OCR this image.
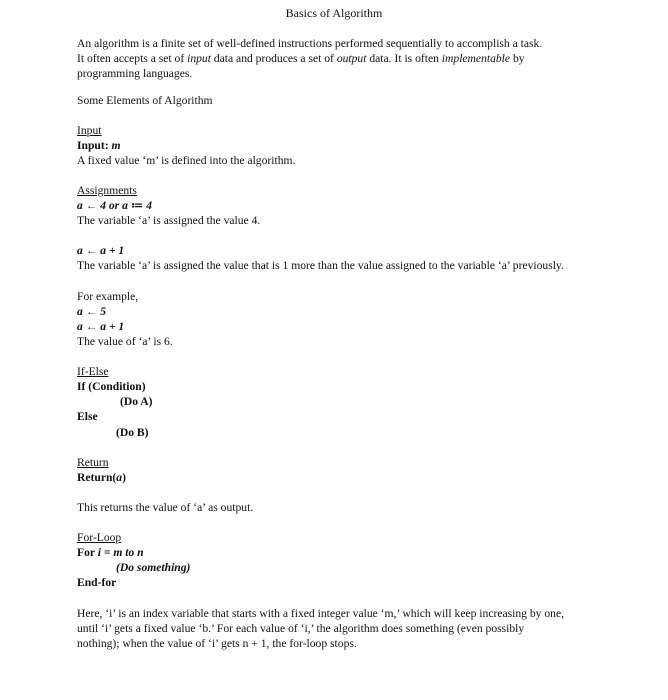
Basics of Algorithm
An algorithm is a finite set of well-defined instructions performed sequentially to accomplish a task.
It often accepts a set of input data and produces a set of output data. It is often implementable by
programming languages.
Some Elements of Algorithm
Input
Input: m
A fixed value ‘m’ is defined into the algorithm.
Assignments
a ← 4 or a ≔ 4
The variable ‘a’ is assigned the value 4.
a ← a + 1
The variable ‘a’ is assigned the value that is 1 more than the value assigned to the variable ‘a’ previously.
For example,
a ← 5
a ← a + 1
The value of ‘a’ is 6.
If-Else
If (Condition)
(Do A)
Else
(Do B)
Return
Return(a)
This returns the value of ‘a’ as output.
For-Loop
For i = m to n
(Do something)
End-for
Here, ‘i’ is an index variable that starts with a fixed integer value ‘m,’ which will keep increasing by one,
until ‘i’ gets a fixed value ‘b.’ For each value of ‘i,’ the algorithm does something (even possibly
nothing); when the value of ‘i’ gets n + 1, the for-loop stops.
